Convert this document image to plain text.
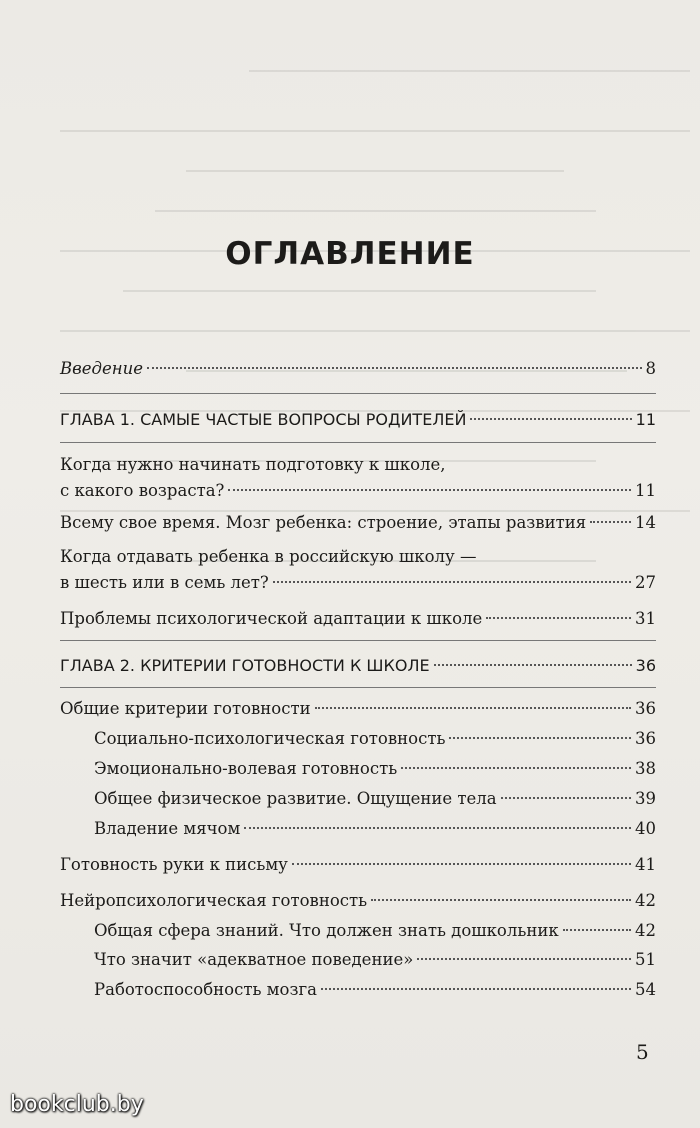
ОГЛАВЛЕНИЕ
Введение	8
ГЛАВА 1. САМЫЕ ЧАСТЫЕ ВОПРОСЫ РОДИТЕЛЕЙ	11
Когда нужно начинать подготовку к школе,
с какого возраста?	11
Всему свое время. Мозг ребенка: строение, этапы развития	14
Когда отдавать ребенка в российскую школу —
в шесть или в семь лет?	27
Проблемы психологической адаптации к школе	31
ГЛАВА 2. КРИТЕРИИ ГОТОВНОСТИ К ШКОЛЕ	36
Общие критерии готовности	36
Социально-психологическая готовность	36
Эмоционально-волевая готовность	38
Общее физическое развитие. Ощущение тела	39
Владение мячом	40
Готовность руки к письму	41
Нейропсихологическая готовность	42
Общая сфера знаний. Что должен знать дошкольник	42
Что значит «адекватное поведение»	51
Работоспособность мозга	54
5
bookclub.by
